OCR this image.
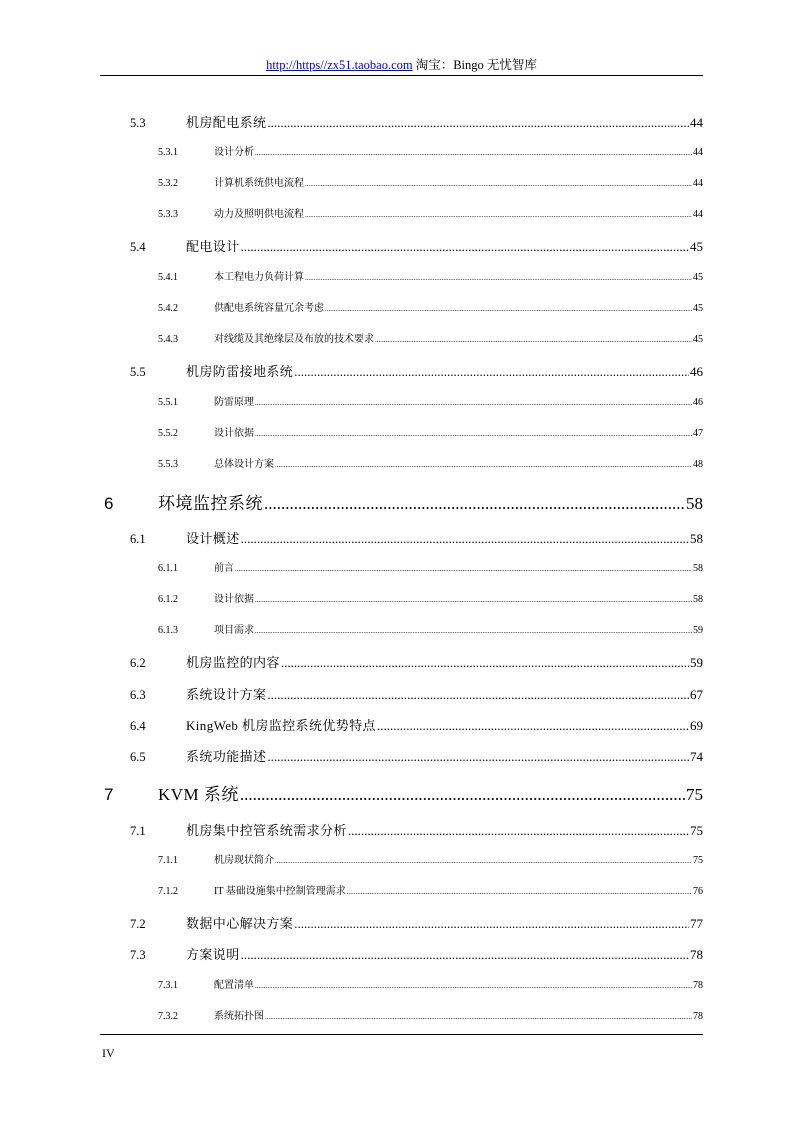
http://https//zx51.taobao.com 淘宝：Bingo 无忧智库
5.3	机房配电系统 .....	44
5.3.1	设计分析 .....	44
5.3.2	计算机系统供电流程 .....	44
5.3.3	动力及照明供电流程 .....	44
5.4	配电设计 .....	45
5.4.1	本工程电力负荷计算 .....	45
5.4.2	供配电系统容量冗余考虑 .....	45
5.4.3	对线缆及其绝缘层及布放的技术要求 .....	45
5.5	机房防雷接地系统 .....	46
5.5.1	防雷原理 .....	46
5.5.2	设计依据 .....	47
5.5.3	总体设计方案 .....	48
6	环境监控系统 .....	58
6.1	设计概述 .....	58
6.1.1	前言 .....	58
6.1.2	设计依据 .....	58
6.1.3	项目需求 .....	59
6.2	机房监控的内容 .....	59
6.3	系统设计方案 .....	67
6.4	KingWeb 机房监控系统优势特点 .....	69
6.5	系统功能描述 .....	74
7	KVM 系统 .....	75
7.1	机房集中控管系统需求分析 .....	75
7.1.1	机房现状简介 .....	75
7.1.2	IT 基础设施集中控制管理需求 .....	76
7.2	数据中心解决方案 .....	77
7.3	方案说明 .....	78
7.3.1	配置清单 .....	78
7.3.2	系统拓扑图 .....	78
IV
